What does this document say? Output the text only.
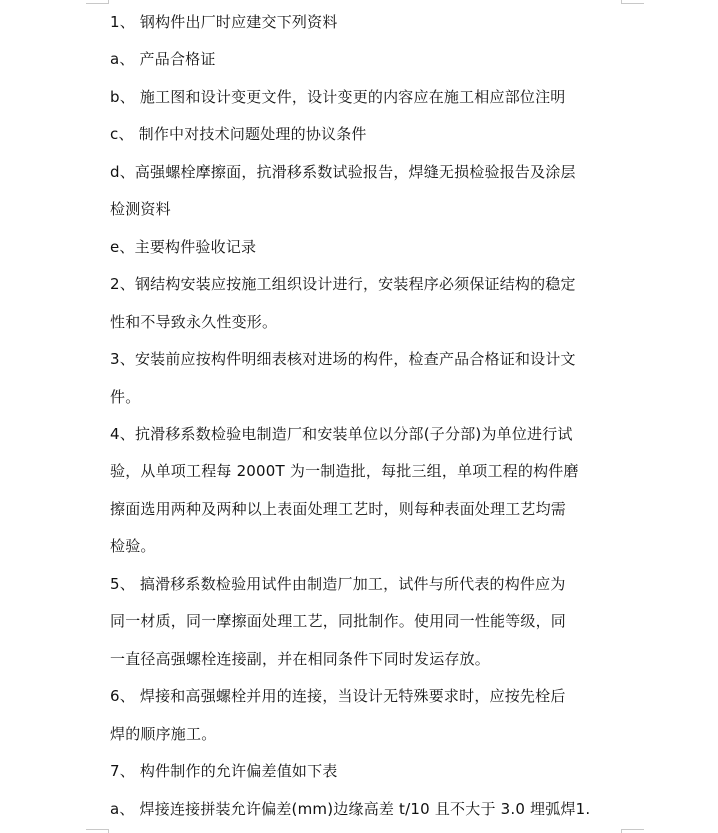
1、 钢构件出厂时应建交下列资料
a、 产品合格证
b、 施工图和设计变更文件，设计变更的内容应在施工相应部位注明
c、 制作中对技术问题处理的协议条件
d、高强螺栓摩擦面，抗滑移系数试验报告，焊缝无损检验报告及涂层
检测资料
e、主要构件验收记录
2、钢结构安装应按施工组织设计进行，安装程序必须保证结构的稳定
性和不导致永久性变形。
3、安装前应按构件明细表核对进场的构件，检查产品合格证和设计文
件。
4、抗滑移系数检验电制造厂和安装单位以分部(子分部)为单位进行试
验，从单项工程每 2000T 为一制造批，每批三组，单项工程的构件磨
擦面选用两种及两种以上表面处理工艺时，则每种表面处理工艺均需
检验。
5、 搞滑移系数检验用试件由制造厂加工，试件与所代表的构件应为
同一材质，同一摩擦面处理工艺，同批制作。使用同一性能等级，同
一直径高强螺栓连接副，并在相同条件下同时发运存放。
6、 焊接和高强螺栓并用的连接，当设计无特殊要求时，应按先栓后
焊的顺序施工。
7、 构件制作的允许偏差值如下表
a、 焊接连接拼装允许偏差(mm)边缘高差 t/10 且不大于 3.0 埋弧焊1.
